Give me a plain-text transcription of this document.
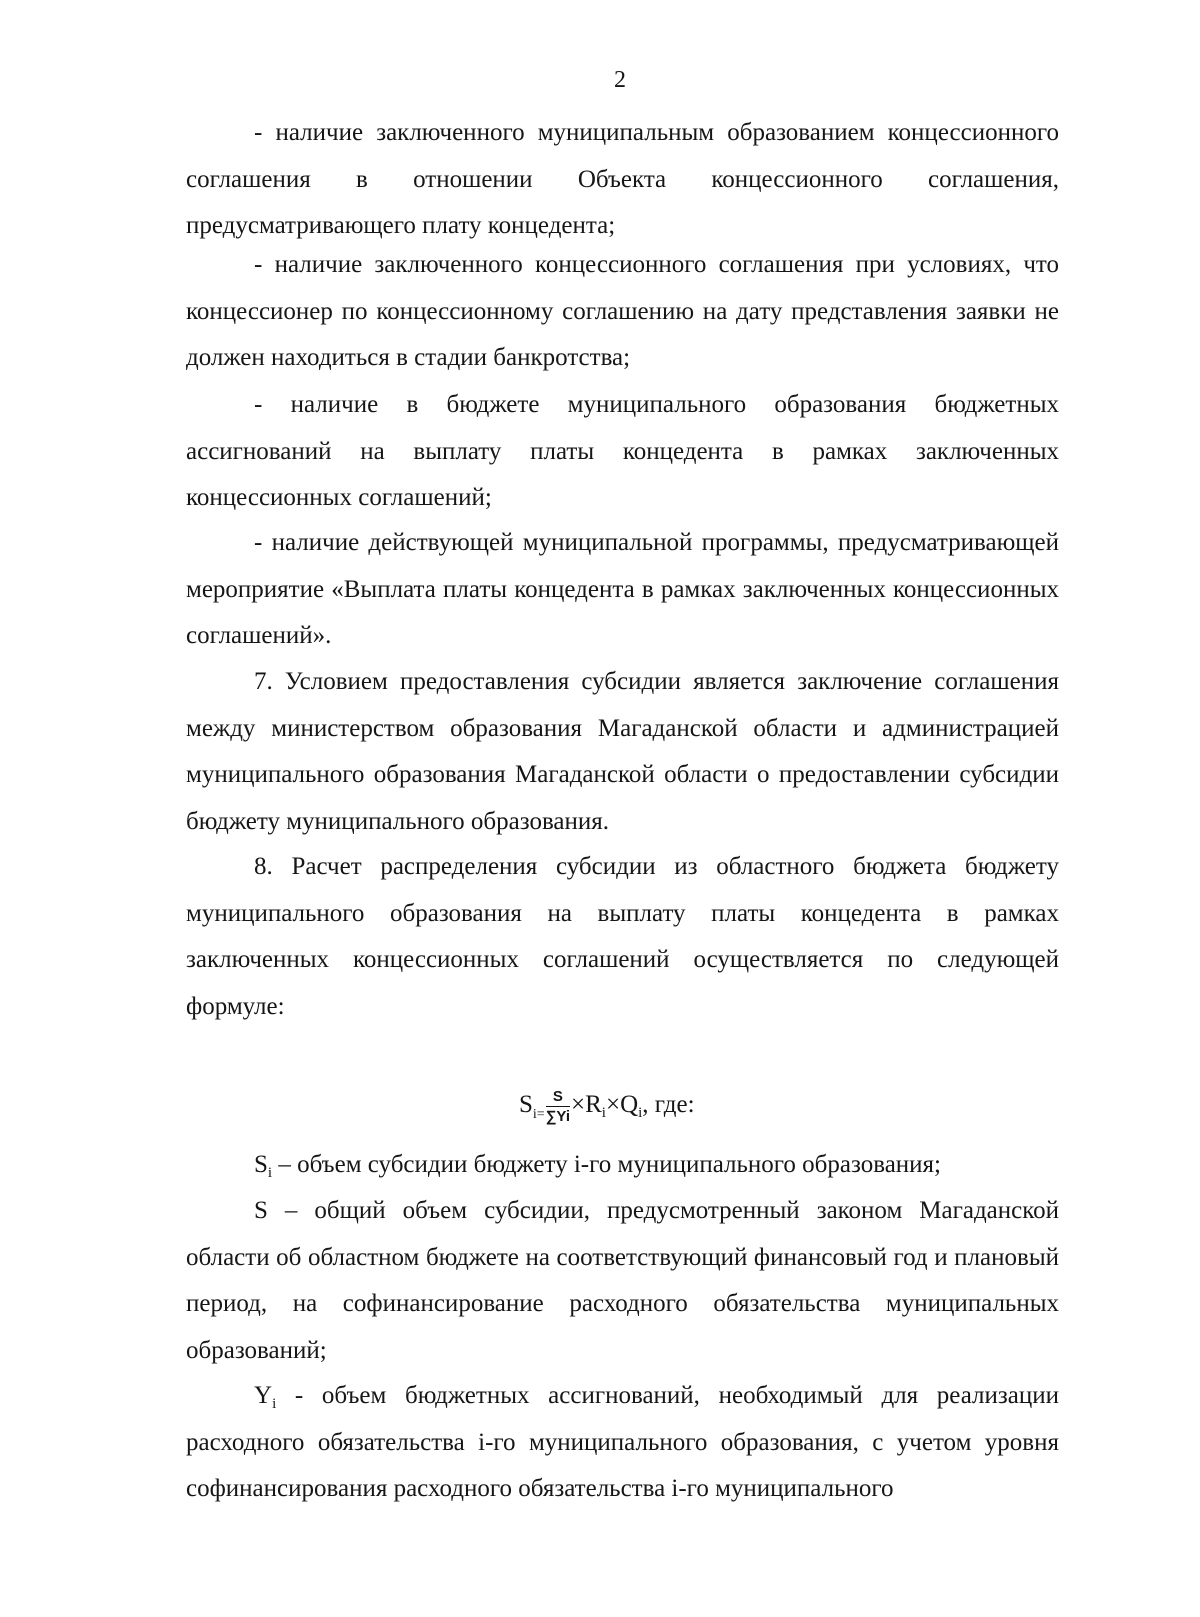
2

- наличие заключенного муниципальным образованием концессионного соглашения в отношении Объекта концессионного соглашения, предусматривающего плату концедента;

- наличие заключенного концессионного соглашения при условиях, что концессионер по концессионному соглашению на дату представления заявки не должен находиться в стадии банкротства;

- наличие в бюджете муниципального образования бюджетных ассигнований на выплату платы концедента в рамках заключенных концессионных соглашений;

- наличие действующей муниципальной программы, предусматривающей мероприятие «Выплата платы концедента в рамках заключенных концессионных соглашений».

7. Условием предоставления субсидии является заключение соглашения между министерством образования Магаданской области и администрацией муниципального образования Магаданской области о предоставлении субсидии бюджету муниципального образования.

8. Расчет распределения субсидии из областного бюджета бюджету муниципального образования на выплату платы концедента в рамках заключенных концессионных соглашений осуществляется по следующей формуле:

$S_{i=} \frac{S}{\sum Yi} \times R_i\times Q_i$, где:

$S_i$ – объем субсидии бюджету i-го муниципального образования;

S – общий объем субсидии, предусмотренный законом Магаданской области об областном бюджете на соответствующий финансовый год и плановый период, на софинансирование расходного обязательства муниципальных образований;

$Y_i$ - объем бюджетных ассигнований, необходимый для реализации расходного обязательства i-го муниципального образования, с учетом уровня софинансирования расходного обязательства i-го муниципального
